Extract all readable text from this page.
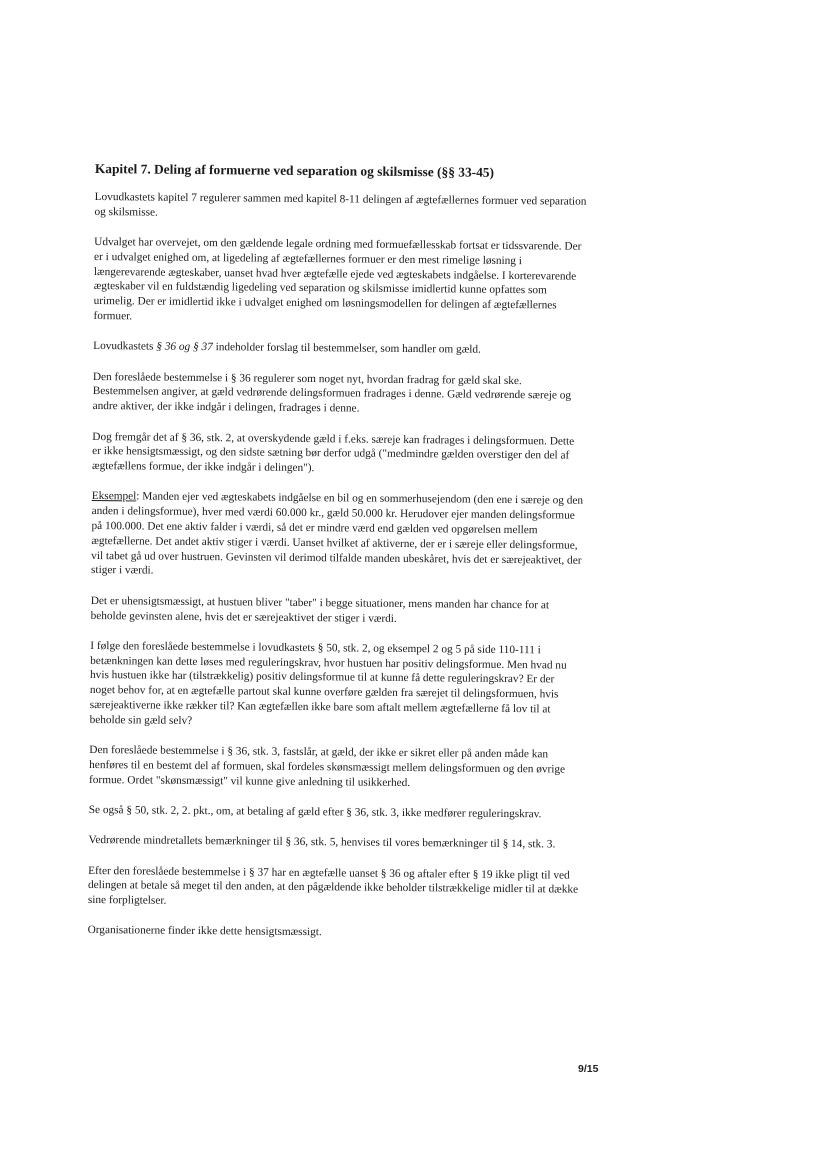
Kapitel 7. Deling af formuerne ved separation og skilsmisse (§§ 33-45)

Lovudkastets kapitel 7 regulerer sammen med kapitel 8-11 delingen af ægtefællernes formuer ved separation og skilsmisse.

Udvalget har overvejet, om den gældende legale ordning med formuefællesskab fortsat er tidssvarende. Der er i udvalget enighed om, at ligedeling af ægtefællernes formuer er den mest rimelige løsning i længerevarende ægteskaber, uanset hvad hver ægtefælle ejede ved ægteskabets indgåelse. I korterevarende ægteskaber vil en fuldstændig ligedeling ved separation og skilsmisse imidlertid kunne opfattes som urimelig. Der er imidlertid ikke i udvalget enighed om løsningsmodellen for delingen af ægtefællernes formuer.

Lovudkastets § 36 og § 37 indeholder forslag til bestemmelser, som handler om gæld.

Den foreslåede bestemmelse i § 36 regulerer som noget nyt, hvordan fradrag for gæld skal ske. Bestemmelsen angiver, at gæld vedrørende delingsformuen fradrages i denne. Gæld vedrørende særeje og andre aktiver, der ikke indgår i delingen, fradrages i denne.

Dog fremgår det af § 36, stk. 2, at overskydende gæld i f.eks. særeje kan fradrages i delingsformuen. Dette er ikke hensigtsmæssigt, og den sidste sætning bør derfor udgå ("medmindre gælden overstiger den del af ægtefællens formue, der ikke indgår i delingen").

Eksempel: Manden ejer ved ægteskabets indgåelse en bil og en sommerhusejendom (den ene i særeje og den anden i delingsformue), hver med værdi 60.000 kr., gæld 50.000 kr. Herudover ejer manden delingsformue på 100.000. Det ene aktiv falder i værdi, så det er mindre værd end gælden ved opgørelsen mellem ægtefællerne. Det andet aktiv stiger i værdi. Uanset hvilket af aktiverne, der er i særeje eller delingsformue, vil tabet gå ud over hustruen. Gevinsten vil derimod tilfalde manden ubeskåret, hvis det er særejeaktivet, der stiger i værdi.

Det er uhensigtsmæssigt, at hustuen bliver "taber" i begge situationer, mens manden har chance for at beholde gevinsten alene, hvis det er særejeaktivet der stiger i værdi.

I følge den foreslåede bestemmelse i lovudkastets § 50, stk. 2, og eksempel 2 og 5 på side 110-111 i betænkningen kan dette løses med reguleringskrav, hvor hustuen har positiv delingsformue. Men hvad nu hvis hustuen ikke har (tilstrækkelig) positiv delingsformue til at kunne få dette reguleringskrav? Er der noget behov for, at en ægtefælle partout skal kunne overføre gælden fra særejet til delingsformuen, hvis særejeaktiverne ikke rækker til? Kan ægtefællen ikke bare som aftalt mellem ægtefællerne få lov til at beholde sin gæld selv?

Den foreslåede bestemmelse i § 36, stk. 3, fastslår, at gæld, der ikke er sikret eller på anden måde kan henføres til en bestemt del af formuen, skal fordeles skønsmæssigt mellem delingsformuen og den øvrige formue. Ordet "skønsmæssigt" vil kunne give anledning til usikkerhed.

Se også § 50, stk. 2, 2. pkt., om, at betaling af gæld efter § 36, stk. 3, ikke medfører reguleringskrav.

Vedrørende mindretallets bemærkninger til § 36, stk. 5, henvises til vores bemærkninger til § 14, stk. 3.

Efter den foreslåede bestemmelse i § 37 har en ægtefælle uanset § 36 og aftaler efter § 19 ikke pligt til ved delingen at betale så meget til den anden, at den pågældende ikke beholder tilstrækkelige midler til at dække sine forpligtelser.

Organisationerne finder ikke dette hensigtsmæssigt.

9/15
